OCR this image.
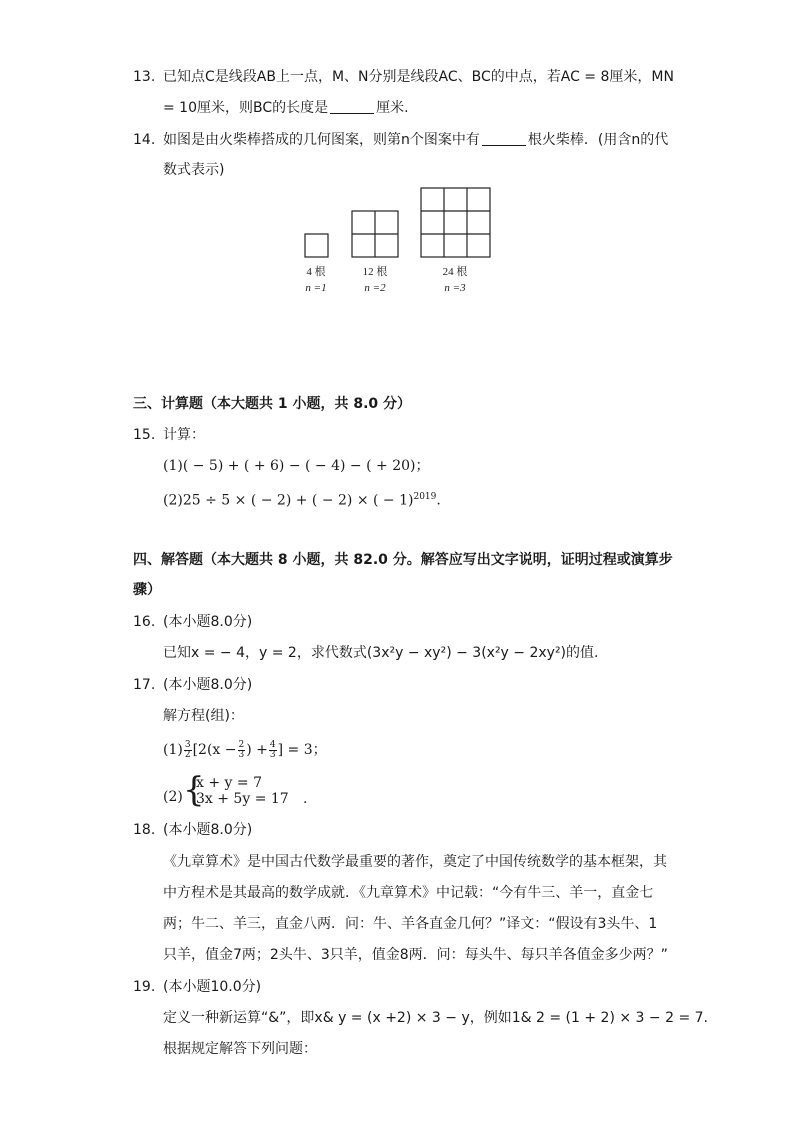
13. 已知点C是线段AB上一点，M、N分别是线段AC、BC的中点，若AC = 8厘米，MN
= 10厘米，则BC的长度是	厘米.
14. 如图是由火柴棒搭成的几何图案，则第n个图案中有	根火柴棒．(用含n的代
数式表示)
4 根	12 根	24 根
n =1	n =2	n =3
三、计算题（本大题共 1 小题，共 8.0 分）
15. 计算：
(1)( − 5) + ( + 6) − ( − 4) − ( + 20)；
(2)25 ÷ 5 × ( − 2) + ( − 2) × ( − 1)$^{2019}$.
四、解答题（本大题共 8 小题，共 82.0 分。解答应写出文字说明，证明过程或演算步
骤）
16. (本小题8.0分)
已知x = − 4，y = 2，求代数式(3x²y − xy²) − 3(x²y − 2xy²)的值.
17. (本小题8.0分)
解方程(组)：
$(1) \frac{3}{2} [2(x - \frac{2}{3}$ ) + $\frac{4}{3}$ ] = 3；
(2) {
x + y = 7
3x + 5y = 17 .
18. (本小题8.0分)
《九章算术》是中国古代数学最重要的著作，奠定了中国传统数学的基本框架，其
中方程术是其最高的数学成就．《九章算术》中记载：“今有牛三、羊一，直金七
两；牛二、羊三，直金八两．问：牛、羊各直金几何？”译文：“假设有3头牛、1
只羊，值金7两；2头牛、3只羊，值金8两．问：每头牛、每只羊各值金多少两？”
19. (本小题10.0分)
定义一种新运算“&”，即x& y = (x +2) × 3 − y，例如1& 2 = (1 + 2) × 3 − 2 = 7.
根据规定解答下列问题：
